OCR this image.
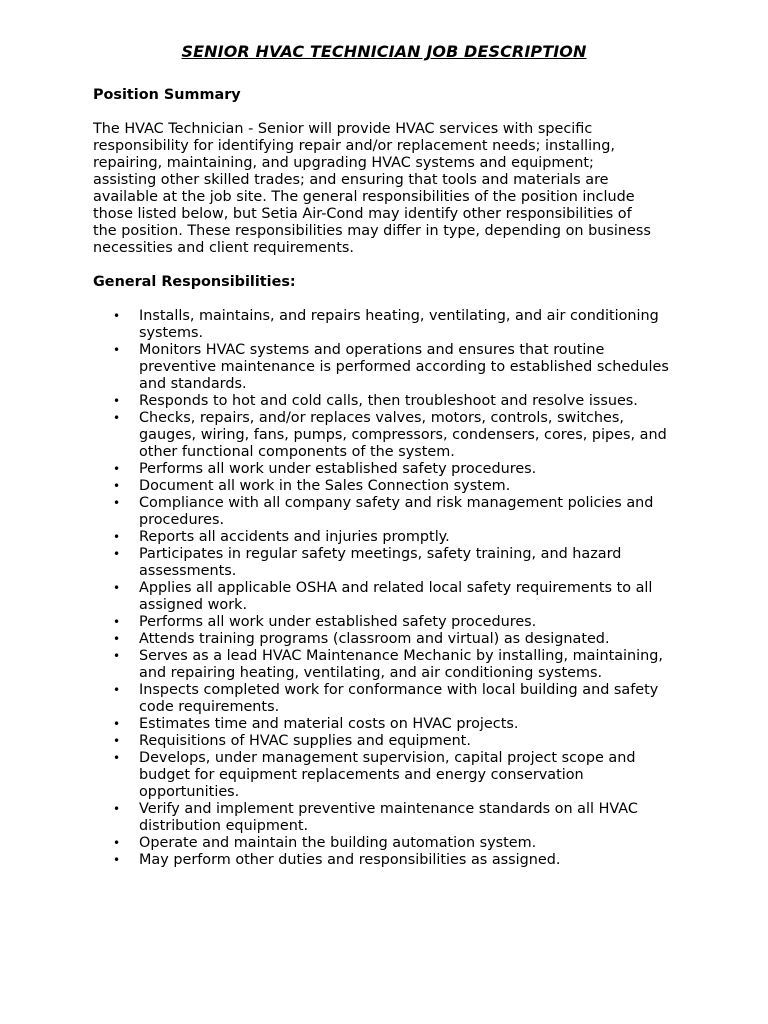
SENIOR HVAC TECHNICIAN JOB DESCRIPTION

Position Summary

The HVAC Technician - Senior will provide HVAC services with specific responsibility for identifying repair and/or replacement needs; installing, repairing, maintaining, and upgrading HVAC systems and equipment; assisting other skilled trades; and ensuring that tools and materials are available at the job site. The general responsibilities of the position include those listed below, but Setia Air-Cond may identify other responsibilities of the position. These responsibilities may differ in type, depending on business necessities and client requirements.

General Responsibilities:

• Installs, maintains, and repairs heating, ventilating, and air conditioning systems.
• Monitors HVAC systems and operations and ensures that routine preventive maintenance is performed according to established schedules and standards.
• Responds to hot and cold calls, then troubleshoot and resolve issues.
• Checks, repairs, and/or replaces valves, motors, controls, switches, gauges, wiring, fans, pumps, compressors, condensers, cores, pipes, and other functional components of the system.
• Performs all work under established safety procedures.
• Document all work in the Sales Connection system.
• Compliance with all company safety and risk management policies and procedures.
• Reports all accidents and injuries promptly.
• Participates in regular safety meetings, safety training, and hazard assessments.
• Applies all applicable OSHA and related local safety requirements to all assigned work.
• Performs all work under established safety procedures.
• Attends training programs (classroom and virtual) as designated.
• Serves as a lead HVAC Maintenance Mechanic by installing, maintaining, and repairing heating, ventilating, and air conditioning systems.
• Inspects completed work for conformance with local building and safety code requirements.
• Estimates time and material costs on HVAC projects.
• Requisitions of HVAC supplies and equipment.
• Develops, under management supervision, capital project scope and budget for equipment replacements and energy conservation opportunities.
• Verify and implement preventive maintenance standards on all HVAC distribution equipment.
• Operate and maintain the building automation system.
• May perform other duties and responsibilities as assigned.
